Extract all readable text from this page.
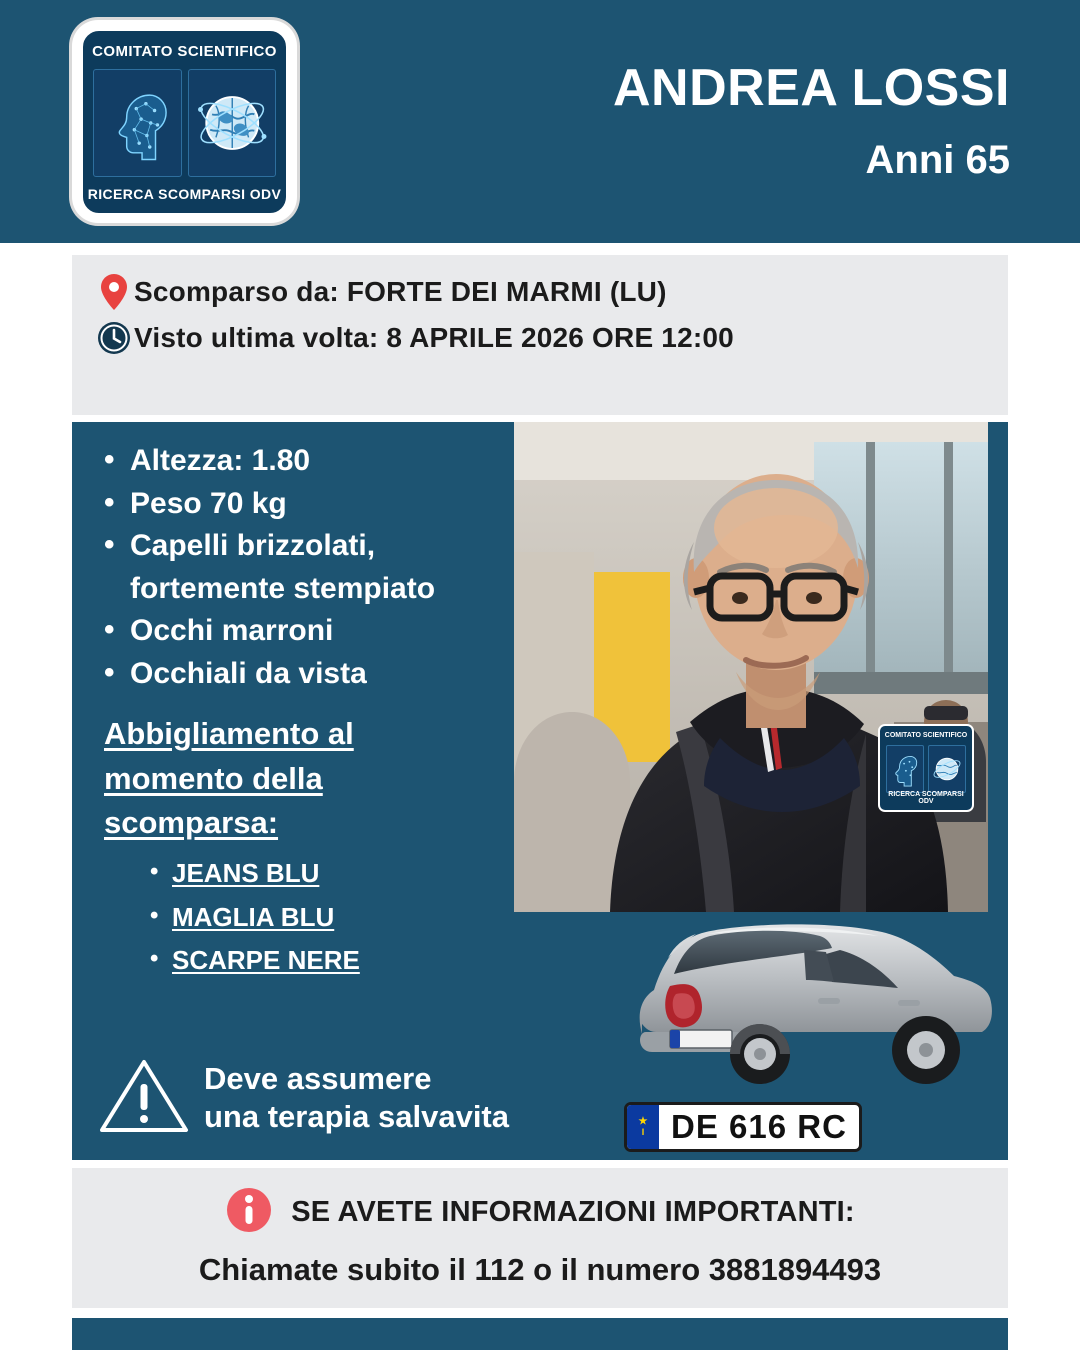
COMITATO SCIENTIFICO
RICERCA SCOMPARSI ODV
ANDREA LOSSI
Anni 65
Scomparso da: FORTE DEI MARMI (LU)
Visto ultima volta: 8 APRILE 2026 ORE 12:00
• Altezza: 1.80
• Peso 70 kg
• Capelli brizzolati, fortemente stempiato
• Occhi marroni
• Occhiali da vista
Abbigliamento al momento della scomparsa:
• JEANS BLU
• MAGLIA BLU
• SCARPE NERE
Deve assumere
una terapia salvavita
COMITATO SCIENTIFICO
RICERCA SCOMPARSI ODV
★
I DE 616 RC
SE AVETE INFORMAZIONI IMPORTANTI:
Chiamate subito il 112 o il numero 3881894493
